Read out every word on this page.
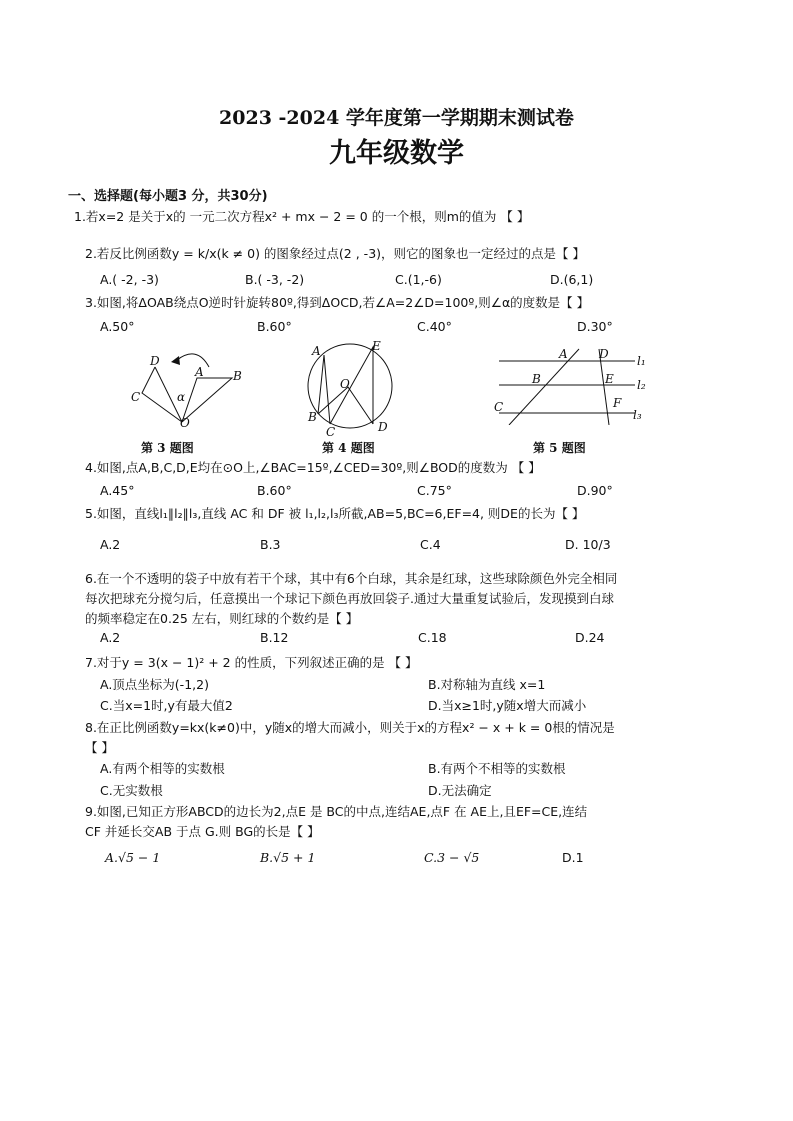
2023 -2024 学年度第一学期期末测试卷
九年级数学
一、选择题(每小题3 分，共30分)
1.若x=2 是关于x的 一元二次方程x² + mx − 2 = 0 的一个根，则m的值为 【 】
2.若反比例函数y = k/x(k ≠ 0) 的图象经过点(2 , -3)，则它的图象也一定经过的点是【 】
A.( -2, -3)	B.( -3, -2)	C.(1,-6)	D.(6,1)
3.如图,将ΔOAB绕点O逆时针旋转80º,得到ΔOCD,若∠A=2∠D=100º,则∠α的度数是【 】
A.50°	B.60°	C.40°	D.30°
D
A B
C	α
O
第 3 题图
A	E
O
B
C	D
第 4 题图
A	D l₁
B	E l₂
C	F
l₃
第 5 题图
4.如图,点A,B,C,D,E均在⊙O上,∠BAC=15º,∠CED=30º,则∠BOD的度数为 【 】
A.45°	B.60°	C.75°	D.90°
5.如图，直线l₁∥l₂∥l₃,直线 AC 和 DF 被 l₁,l₂,l₃所截,AB=5,BC=6,EF=4, 则DE的长为【 】
A.2	B.3	C.4	D. 10/3
6.在一个不透明的袋子中放有若干个球，其中有6个白球，其余是红球，这些球除颜色外完全相同
每次把球充分搅匀后，任意摸出一个球记下颜色再放回袋子.通过大量重复试验后，发现摸到白球
的频率稳定在0.25 左右，则红球的个数约是【 】
A.2	B.12	C.18	D.24
7.对于y = 3(x − 1)² + 2 的性质，下列叙述正确的是 【 】
A.顶点坐标为(-1,2)	B.对称轴为直线 x=1
C.当x=1时,y有最大值2	D.当x≥1时,y随x增大而减小
8.在正比例函数y=kx(k≠0)中，y随x的增大而减小，则关于x的方程x² − x + k = 0根的情况是
【 】
A.有两个相等的实数根	B.有两个不相等的实数根
C.无实数根	D.无法确定
9.如图,已知正方形ABCD的边长为2,点E 是 BC的中点,连结AE,点F 在 AE上,且EF=CE,连结
CF 并延长交AB 于点 G.则 BG的长是【 】
A.√5 − 1	B.√5 + 1	C.3 − √5	D.1
